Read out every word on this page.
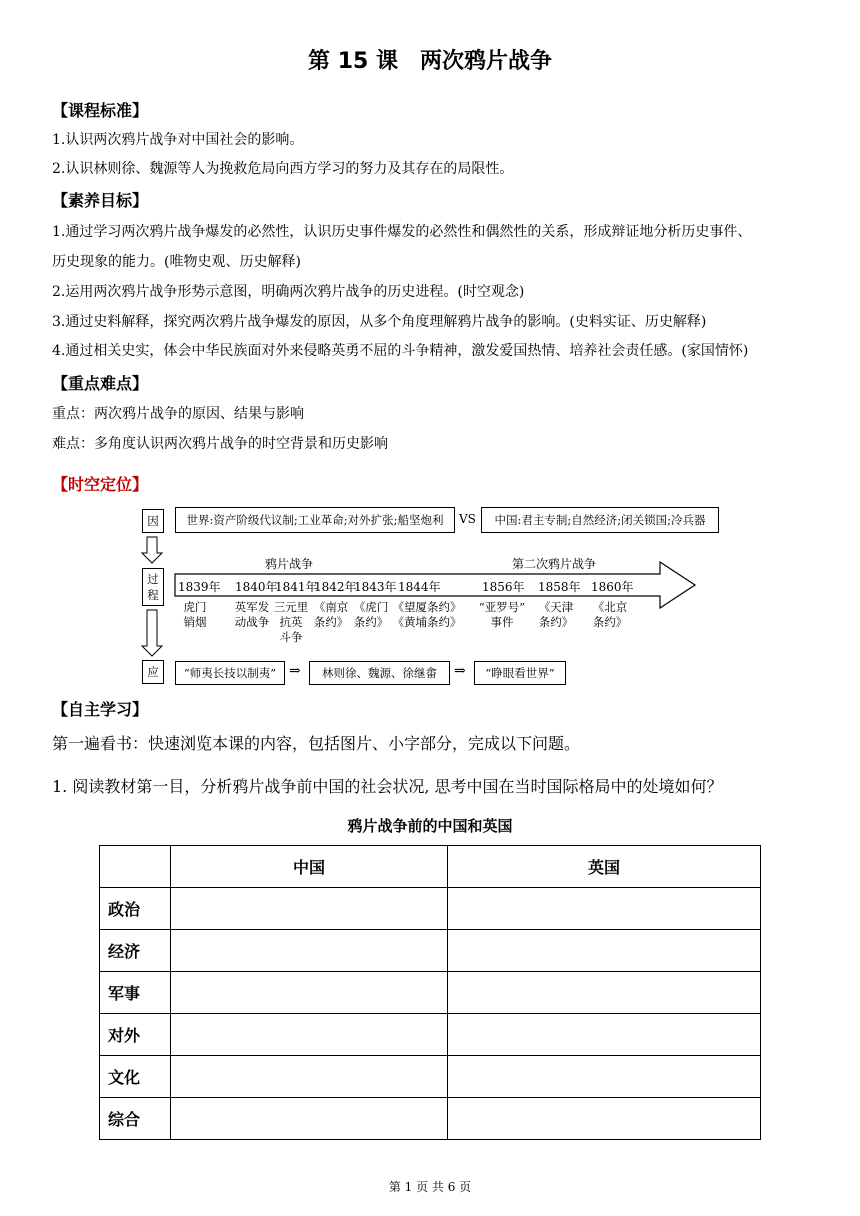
第 15 课　两次鸦片战争
【课程标准】
1.认识两次鸦片战争对中国社会的影响。
2.认识林则徐、魏源等人为挽救危局向西方学习的努力及其存在的局限性。
【素养目标】
1.通过学习两次鸦片战争爆发的必然性，认识历史事件爆发的必然性和偶然性的关系，形成辩证地分析历史事件、
历史现象的能力。(唯物史观、历史解释)
2.运用两次鸦片战争形势示意图，明确两次鸦片战争的历史进程。(时空观念)
3.通过史料解释，探究两次鸦片战争爆发的原因，从多个角度理解鸦片战争的影响。(史料实证、历史解释)
4.通过相关史实，体会中华民族面对外来侵略英勇不屈的斗争精神，激发爱国热情、培养社会责任感。(家国情怀)
【重点难点】
重点：两次鸦片战争的原因、结果与影响
难点：多角度认识两次鸦片战争的时空背景和历史影响
【时空定位】
因	世界:资产阶级代议制;工业革命;对外扩张;船坚炮利	VS	中国:君主专制;自然经济;闭关锁国;冷兵器
过
程
应
鸦片战争	第二次鸦片战争
1839年 1840年
1841年
1842年
1843年 1844年	1856年 1858年 1860年
虎门
销烟
英军发
动战争
三元里
抗英
斗争
《南京
条约》
《虎门
条约》
《望厦条约》
《黄埔条约》
“亚罗号”
事件
《天津
条约》
《北京
条约》
“师夷长技以制夷” ⇒	林则徐、魏源、徐继畬	⇒	“睁眼看世界”
【自主学习】
第一遍看书：快速浏览本课的内容，包括图片、小字部分，完成以下问题。
1. 阅读教材第一目，分析鸦片战争前中国的社会状况, 思考中国在当时国际格局中的处境如何？
鸦片战争前的中国和英国
	中国	英国
政治		
经济		
军事		
对外		
文化		
综合		
第 1 页 共 6 页
